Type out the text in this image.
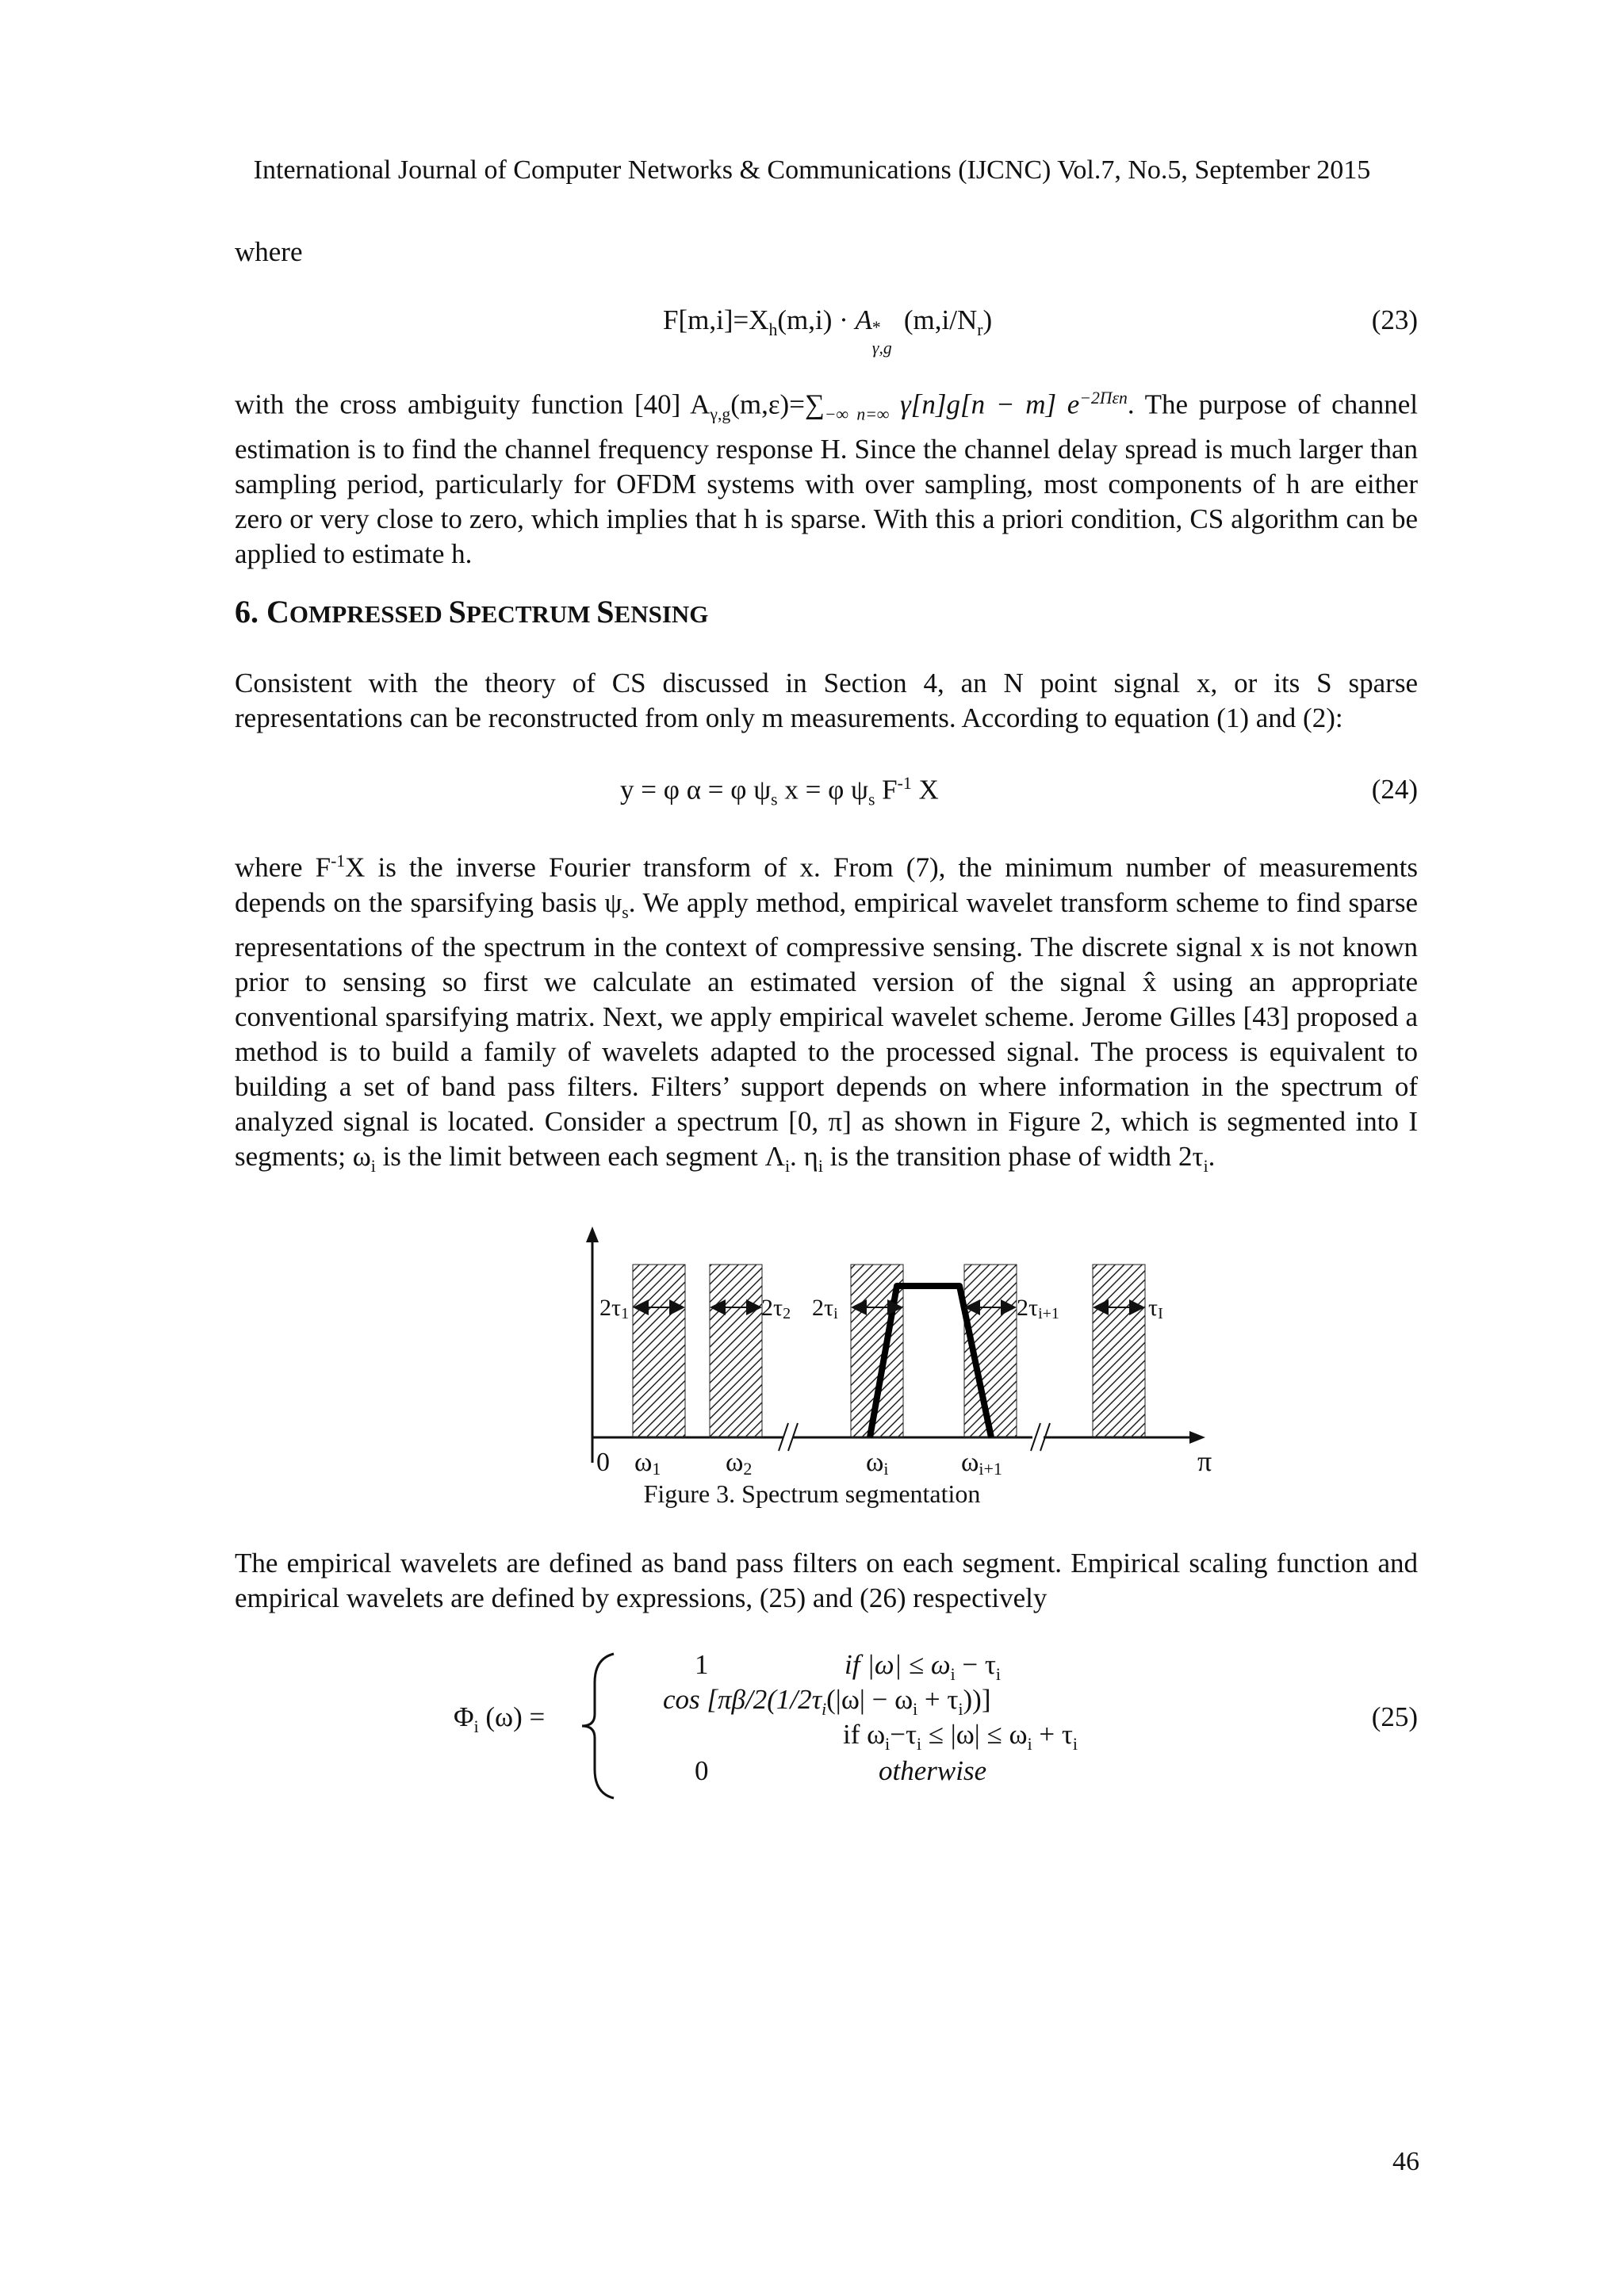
International Journal of Computer Networks & Communications (IJCNC) Vol.7, No.5, September 2015
where
$F[m,i]=X_h(m,i) \cdot A$ *
γ,g
$(m,i/N_r)$	(23)

with the cross ambiguity function [40] $A_{\gamma,g}(m,\varepsilon)=\sum_{-\infty n=\infty}$ γ[n]g[n − m] $e^{-2\Pi\varepsilon n}$. The purpose of channel estimation is to find the channel frequency response H. Since the channel delay spread is much larger than sampling period, particularly for OFDM systems with over sampling, most components of h are either zero or very close to zero, which implies that h is sparse. With this a priori condition, CS algorithm can be applied to estimate h.

6. COMPRESSED SPECTRUM SENSING

Consistent with the theory of CS discussed in Section 4, an N point signal x, or its S sparse representations can be reconstructed from only m measurements. According to equation (1) and (2):

y = φ α = φ $\psi_s$ x = φ $\psi_s$ $F^{-1}$ X	(24)

where $F^{-1}X$ is the inverse Fourier transform of x. From (7), the minimum number of measurements depends on the sparsifying basis $\psi_s$. We apply method, empirical wavelet transform scheme to find sparse representations of the spectrum in the context of compressive sensing. The discrete signal x is not known prior to sensing so first we calculate an estimated version of the signal x̂ using an appropriate conventional sparsifying matrix. Next, we apply empirical wavelet scheme. Jerome Gilles [43] proposed a method is to build a family of wavelets adapted to the processed signal. The process is equivalent to building a set of band pass filters. Filters’ support depends on where information in the spectrum of analyzed signal is located. Consider a spectrum [0, π] as shown in Figure 2, which is segmented into I segments; $\omega_i$ is the limit between each segment $\Lambda_i$. $\eta_i$ is the transition phase of width $2\tau_i$.

2τ1	2τ2 2τi	2τi+1	τI
0 ω1 ω2	ωi	ωi+1	π
Figure 3. Spectrum segmentation

The empirical wavelets are defined as band pass filters on each segment. Empirical scaling function and empirical wavelets are defined by expressions, (25) and (26) respectively

$\Phi_i$ (ω) =
1	if $|\omega| \le \omega_i - \tau_i$
$\cos [\pi\beta/2(1/2\tau_i(|\omega| - \omega_i + \tau_i))]$
if $\omega_i-\tau_i \le |\omega| \le \omega_i + \tau_i$
0	otherwise
(25)
46
